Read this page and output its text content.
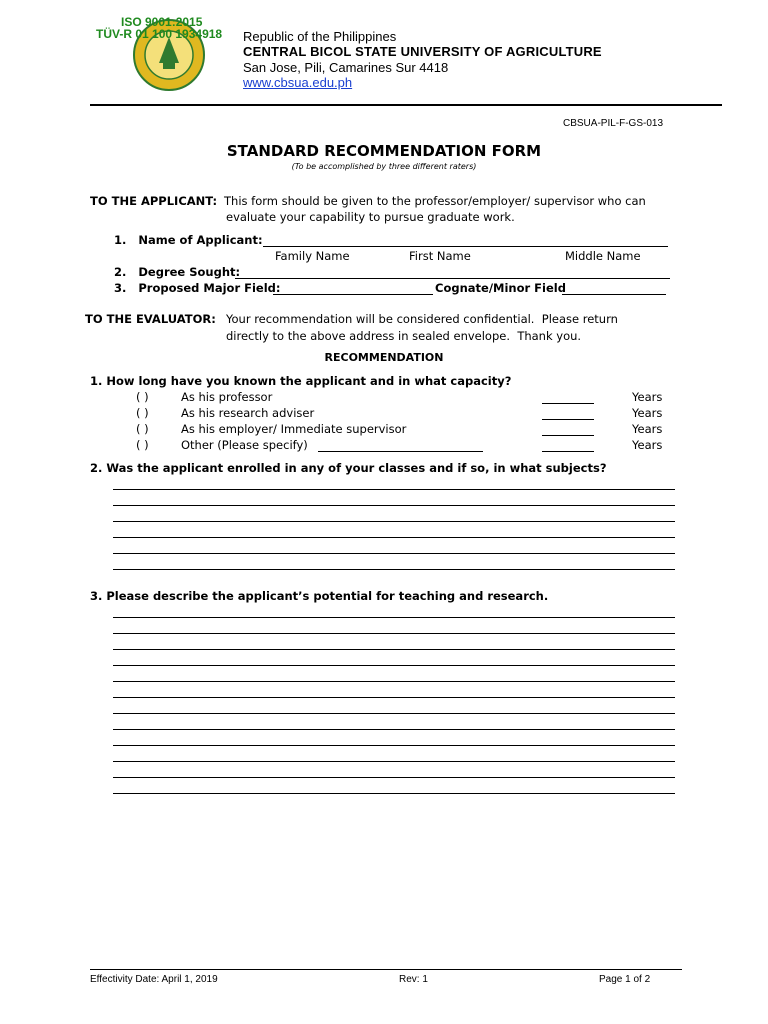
ISO 9001:2015
TÜV-R 01 100 1934918 Republic of the Philippines
CENTRAL BICOL STATE UNIVERSITY OF AGRICULTURE
San Jose, Pili, Camarines Sur 4418
www.cbsua.edu.ph
CBSUA-PIL-F-GS-013
STANDARD RECOMMENDATION FORM
(To be accomplished by three different raters)
TO THE APPLICANT: This form should be given to the professor/employer/ supervisor who can
evaluate your capability to pursue graduate work.
1.   Name of Applicant:
Family Name	First Name	Middle Name
2.   Degree Sought:
3.   Proposed Major Field:	Cognate/Minor Field
TO THE EVALUATOR: Your recommendation will be considered confidential.  Please return
directly to the above address in sealed envelope.  Thank you.
RECOMMENDATION
1. How long have you known the applicant and in what capacity?
( )	As his professor	Years
( )	As his research adviser	Years
( )	As his employer/ Immediate supervisor	Years
( )	Other (Please specify)	Years
2. Was the applicant enrolled in any of your classes and if so, in what subjects?
3. Please describe the applicant’s potential for teaching and research.
Effectivity Date: April 1, 2019	Rev: 1	Page 1 of 2
